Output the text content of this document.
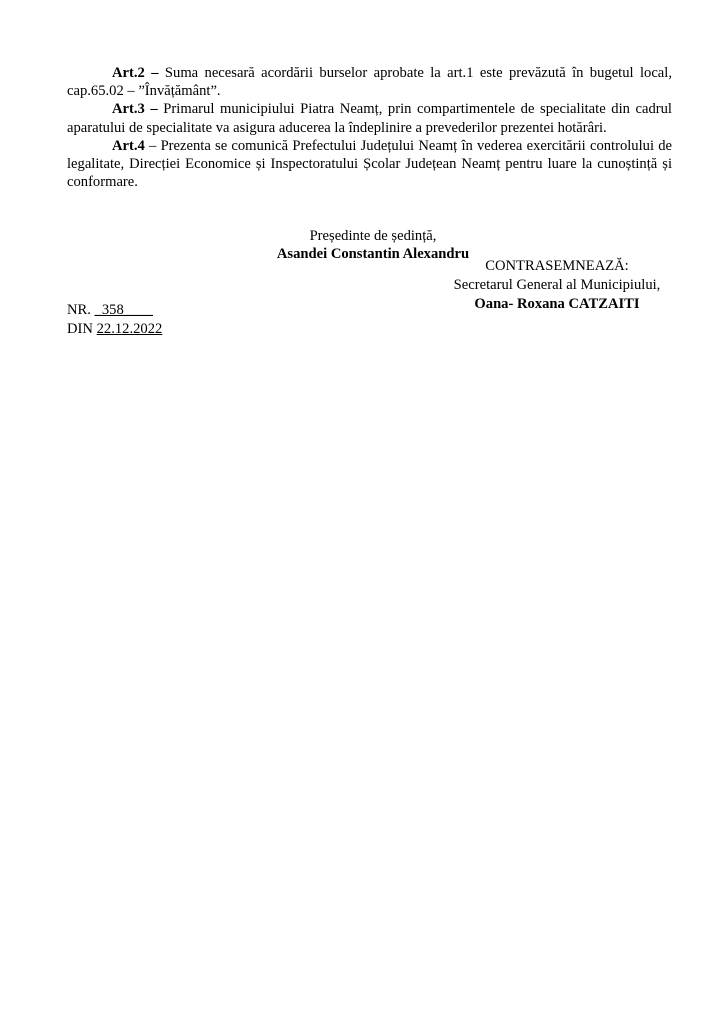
Art.2 – Suma necesară acordării burselor aprobate la art.1 este prevăzută în bugetul local, cap.65.02 – ”Învățământ”.

Art.3 – Primarul municipiului Piatra Neamț, prin compartimentele de specialitate din cadrul aparatului de specialitate va asigura aducerea la îndeplinire a prevederilor prezentei hotărâri.

Art.4 – Prezenta se comunică Prefectului Județului Neamț în vederea exercitării controlului de legalitate, Direcției Economice și Inspectoratului Școlar Județean Neamț pentru luare la cunoștință și conformare.

Președinte de ședință,
Asandei Constantin Alexandru
CONTRASEMNEAZĂ:
Secretarul General al Municipiului,
Oana- Roxana CATZAITI
NR. _358____
DIN 22.12.2022
